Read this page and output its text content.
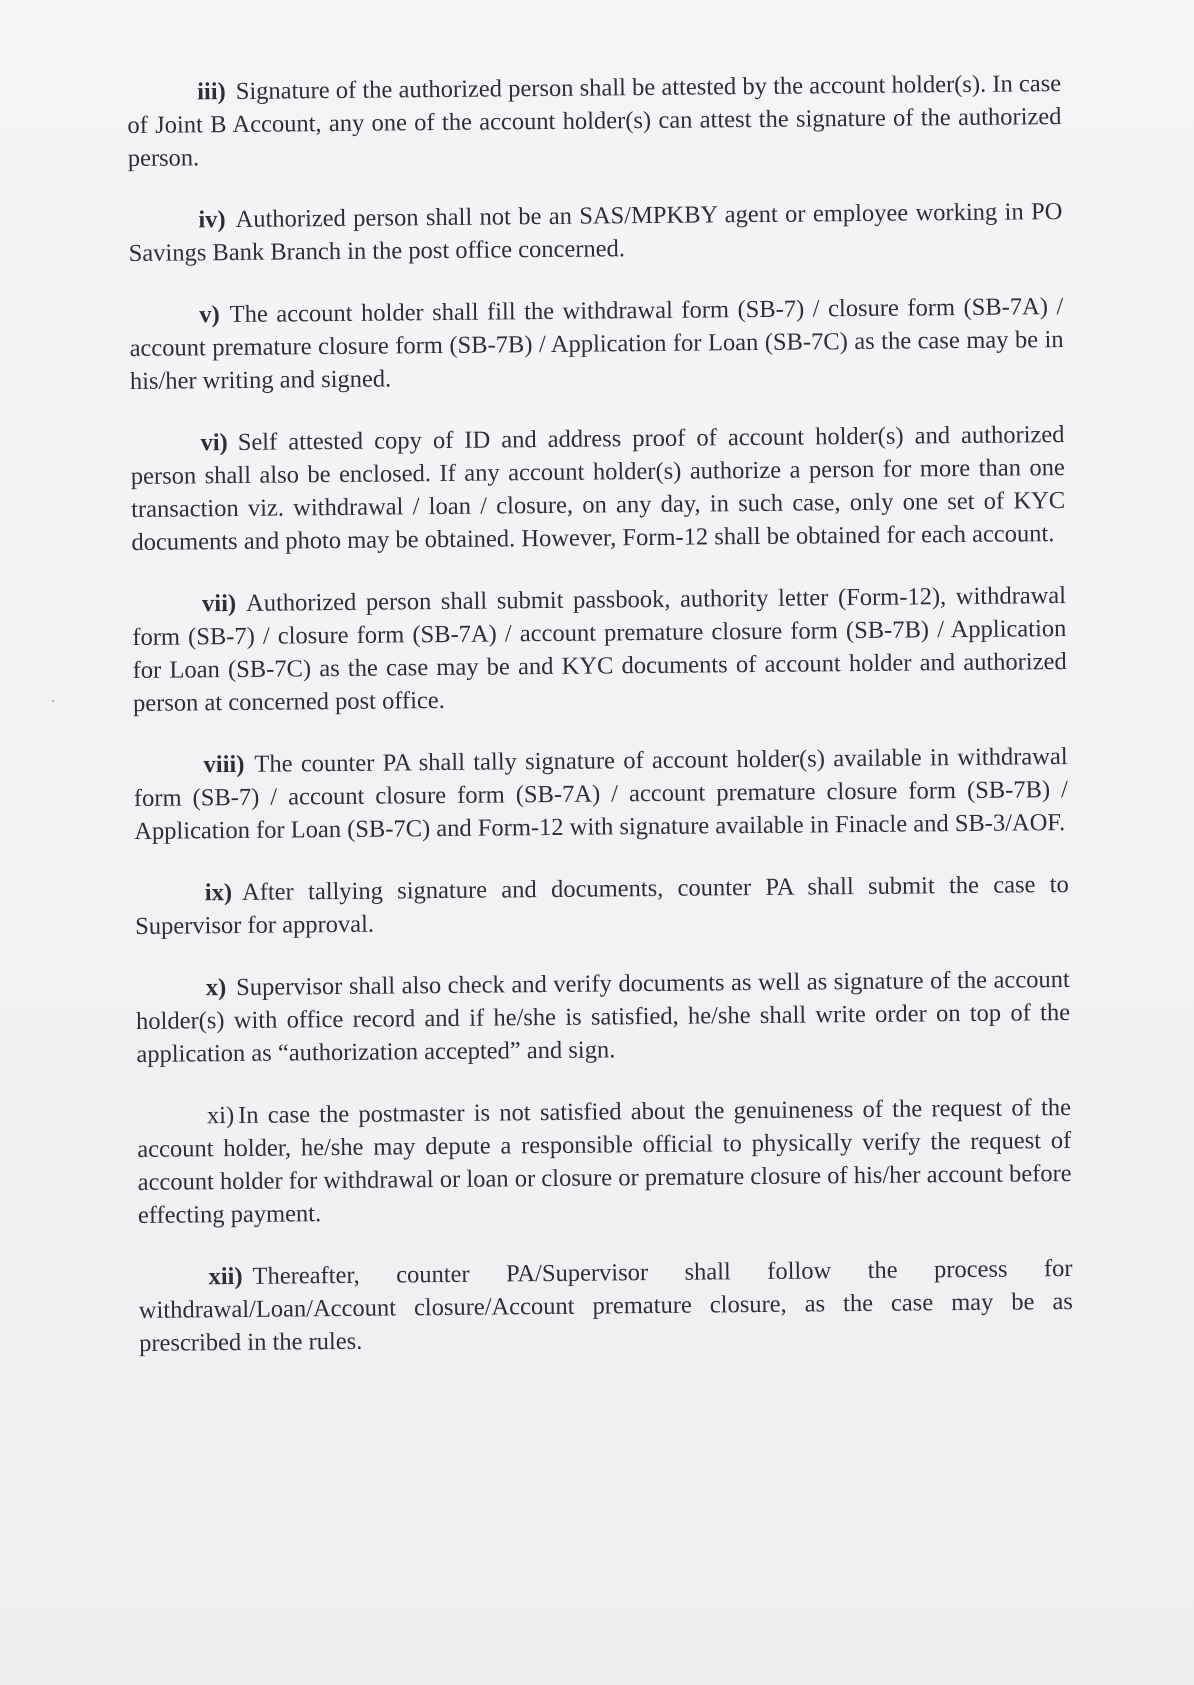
iii) Signature of the authorized person shall be attested by the account holder(s). In case of Joint B Account, any one of the account holder(s) can attest the signature of the authorized person.

iv) Authorized person shall not be an SAS/MPKBY agent or employee working in PO Savings Bank Branch in the post office concerned.

v) The account holder shall fill the withdrawal form (SB-7) / closure form (SB-7A) / account premature closure form (SB-7B) / Application for Loan (SB-7C) as the case may be in his/her writing and signed.

vi) Self attested copy of ID and address proof of account holder(s) and authorized person shall also be enclosed. If any account holder(s) authorize a person for more than one transaction viz. withdrawal / loan / closure, on any day, in such case, only one set of KYC documents and photo may be obtained. However, Form-12 shall be obtained for each account.

vii) Authorized person shall submit passbook, authority letter (Form-12), withdrawal form (SB-7) / closure form (SB-7A) / account premature closure form (SB-7B) / Application for Loan (SB-7C) as the case may be and KYC documents of account holder and authorized person at concerned post office.

viii) The counter PA shall tally signature of account holder(s) available in withdrawal form (SB-7) / account closure form (SB-7A) / account premature closure form (SB-7B) / Application for Loan (SB-7C) and Form-12 with signature available in Finacle and SB-3/AOF.

ix) After tallying signature and documents, counter PA shall submit the case to Supervisor for approval.

x) Supervisor shall also check and verify documents as well as signature of the account holder(s) with office record and if he/she is satisfied, he/she shall write order on top of the application as “authorization accepted” and sign.

xi) In case the postmaster is not satisfied about the genuineness of the request of the account holder, he/she may depute a responsible official to physically verify the request of account holder for withdrawal or loan or closure or premature closure of his/her account before effecting payment.

xii) Thereafter, counter PA/Supervisor shall follow the process for withdrawal/Loan/Account closure/Account premature closure, as the case may be as prescribed in the rules.
